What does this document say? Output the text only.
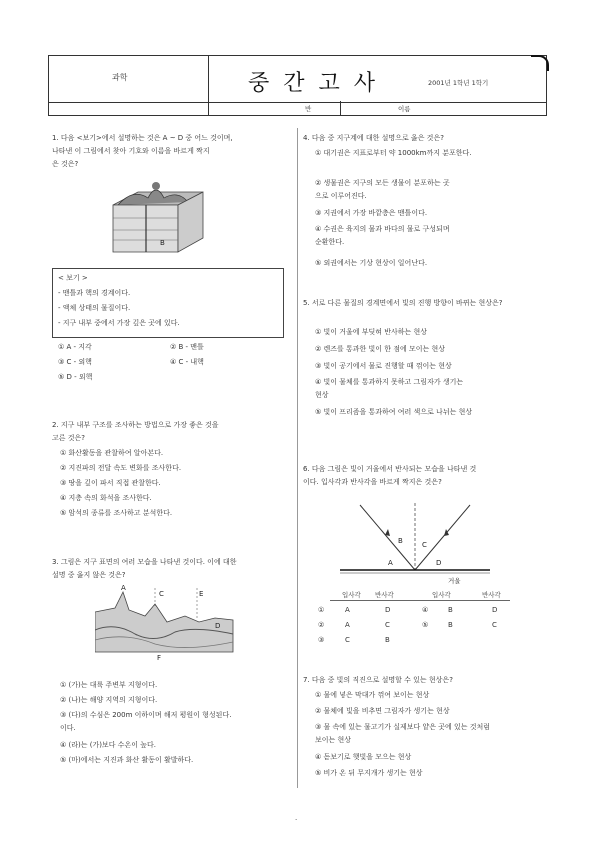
과학	중간고사	2001년 1학년 1학기
반	이름
1. 다음 <보기>에서 설명하는 것은 A ~ D 중 어느 것이며,
나타낸 이 그림에서 찾아 기호와 이름을 바르게 짝지
은 것은?
B
< 보기 >
- 맨틀과 핵의 경계이다.
- 액체 상태의 물질이다.
- 지구 내부 중에서 가장 깊은 곳에 있다.
① A - 지각	② B - 맨틀
③ C - 외핵	④ C - 내핵
⑤ D - 외핵
2. 지구 내부 구조를 조사하는 방법으로 가장 좋은 것을
고른 것은?
① 화산활동을 관찰하여 알아본다.
② 지진파의 전달 속도 변화를 조사한다.
③ 땅을 깊이 파서 직접 관찰한다.
④ 지층 속의 화석을 조사한다.
⑤ 암석의 종류를 조사하고 분석한다.
3. 그림은 지구 표면의 여러 모습을 나타낸 것이다. 이에 대한
설명 중 옳지 않은 것은?
A
C	E
D
F
① (가)는 대륙 주변부 지형이다.
② (나)는 해양 지역의 지형이다.
③ (다)의 수심은 200m 이하이며 해저 평원이 형성된다.
이다.
④ (라)는 (가)보다 수온이 높다.
⑤ (마)에서는 지진과 화산 활동이 활발하다.
4. 다음 중 지구계에 대한 설명으로 옳은 것은?
① 대기권은 지표로부터 약 1000km까지 분포한다.
② 생물권은 지구의 모든 생물이 분포하는 곳
으로 이루어진다.
③ 지권에서 가장 바깥층은 맨틀이다.
④ 수권은 육지의 물과 바다의 물로 구성되며
순환한다.
⑤ 외권에서는 기상 현상이 일어난다.
5. 서로 다른 물질의 경계면에서 빛의 진행 방향이 바뀌는 현상은?
① 빛이 거울에 부딪혀 반사하는 현상
② 렌즈를 통과한 빛이 한 점에 모이는 현상
③ 빛이 공기에서 물로 진행할 때 꺾이는 현상
④ 빛이 물체를 통과하지 못하고 그림자가 생기는
현상
⑤ 빛이 프리즘을 통과하여 여러 색으로 나뉘는 현상
6. 다음 그림은 빛이 거울에서 반사되는 모습을 나타낸 것
이다. 입사각과 반사각을 바르게 짝지은 것은?
B	C
A	D
거울
입사각 반사각	입사각	반사각
①	A	D	④	B	D
②	A	C	⑤	B	C
③	C	B
7. 다음 중 빛의 직진으로 설명할 수 있는 현상은?
① 물에 넣은 막대가 꺾여 보이는 현상
② 물체에 빛을 비추면 그림자가 생기는 현상
③ 물 속에 있는 물고기가 실제보다 얕은 곳에 있는 것처럼
보이는 현상
④ 돋보기로 햇빛을 모으는 현상
⑤ 비가 온 뒤 무지개가 생기는 현상
·
